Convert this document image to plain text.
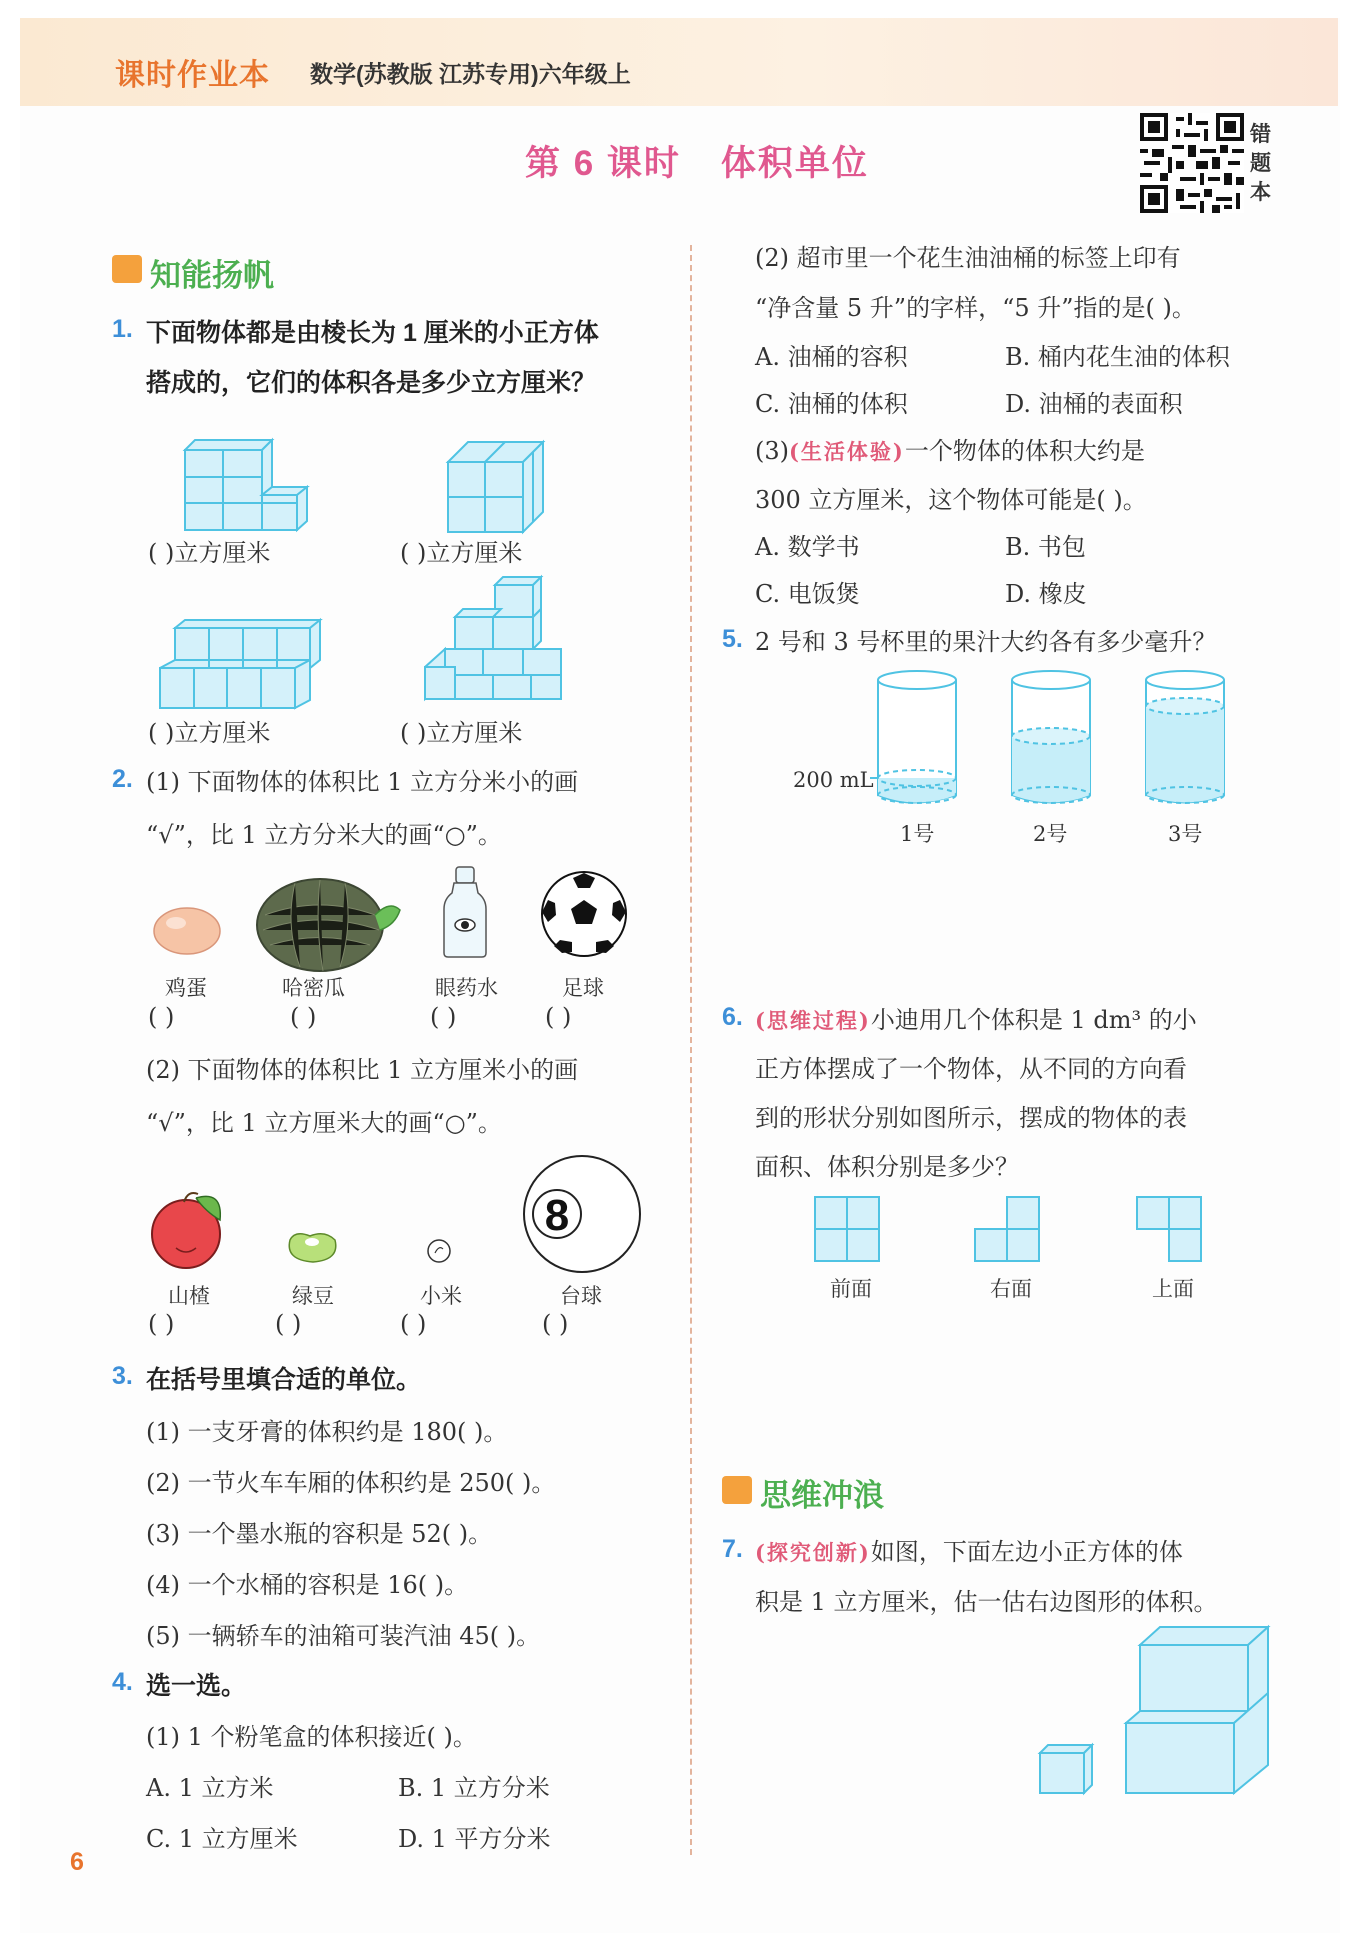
课时作业本 数学(苏教版 江苏专用)六年级上
第 6 课时 体积单位
错
题
本
知能扬帆
1. 下面物体都是由棱长为 1 厘米的小正方体
搭成的，它们的体积各是多少立方厘米？
( )立方厘米	( )立方厘米
( )立方厘米	( )立方厘米
2. (1) 下面物体的体积比 1 立方分米小的画
“√”，比 1 立方分米大的画“○”。
鸡蛋	哈密瓜	眼药水	足球
( )	( )	( )	( )
(2) 下面物体的体积比 1 立方厘米小的画
“√”，比 1 立方厘米大的画“○”。
8
山楂	绿豆	小米	台球
( )	( )	( )	( )
3. 在括号里填合适的单位。
(1) 一支牙膏的体积约是 180( )。
(2) 一节火车车厢的体积约是 250( )。
(3) 一个墨水瓶的容积是 52( )。
(4) 一个水桶的容积是 16( )。
(5) 一辆轿车的油箱可装汽油 45( )。
4. 选一选。
(1) 1 个粉笔盒的体积接近( )。
A. 1 立方米	B. 1 立方分米
C. 1 立方厘米	D. 1 平方分米
6
(2) 超市里一个花生油油桶的标签上印有
“净含量 5 升”的字样，“5 升”指的是( )。
A. 油桶的容积	B. 桶内花生油的体积
C. 油桶的体积	D. 油桶的表面积
(3)(生活体验)一个物体的体积大约是
300 立方厘米，这个物体可能是( )。
A. 数学书	B. 书包
C. 电饭煲	D. 橡皮
5. 2 号和 3 号杯里的果汁大约各有多少毫升？
200 mL
1号	2号	3号
6. (思维过程)小迪用几个体积是 1 dm³ 的小
正方体摆成了一个物体，从不同的方向看
到的形状分别如图所示，摆成的物体的表
面积、体积分别是多少？
前面	右面	上面
思维冲浪
7. (探究创新)如图，下面左边小正方体的体
积是 1 立方厘米，估一估右边图形的体积。
